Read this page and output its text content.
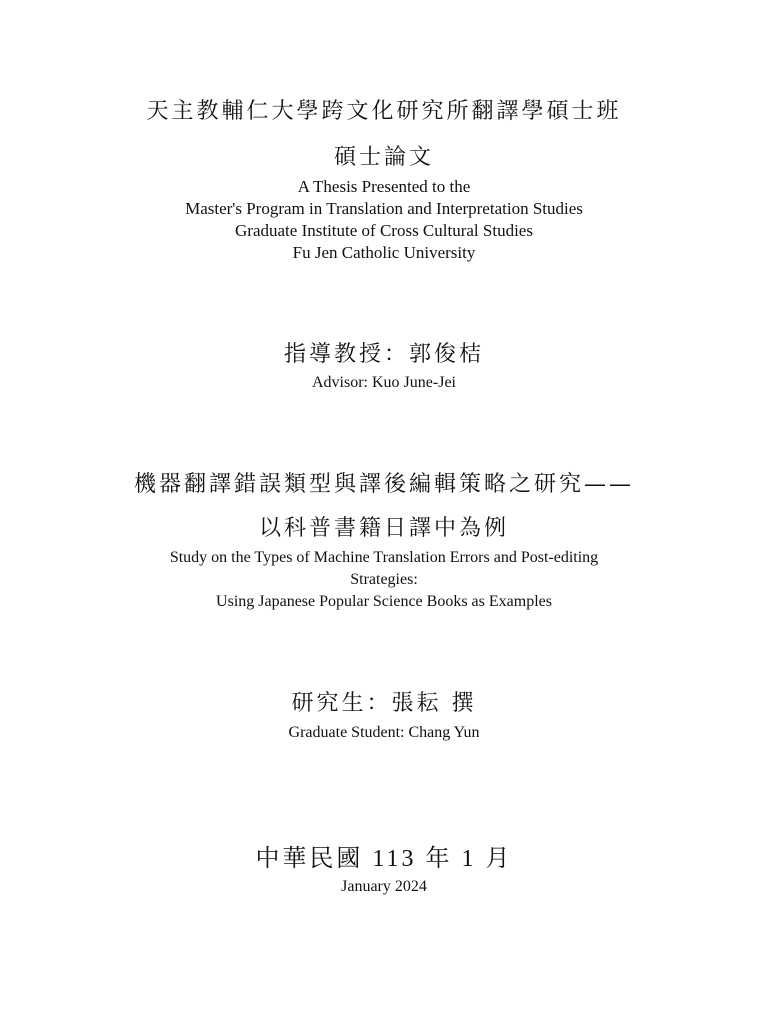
天主教輔仁大學跨文化研究所翻譯學碩士班
碩士論文
A Thesis Presented to the
Master's Program in Translation and Interpretation Studies
Graduate Institute of Cross Cultural Studies
Fu Jen Catholic University
指導教授：郭俊桔
Advisor: Kuo June-Jei
機器翻譯錯誤類型與譯後編輯策略之研究——
以科普書籍日譯中為例
Study on the Types of Machine Translation Errors and Post-editing
Strategies:
Using Japanese Popular Science Books as Examples
研究生：張耘 撰
Graduate Student: Chang Yun
中華民國 113 年 1 月
January 2024
